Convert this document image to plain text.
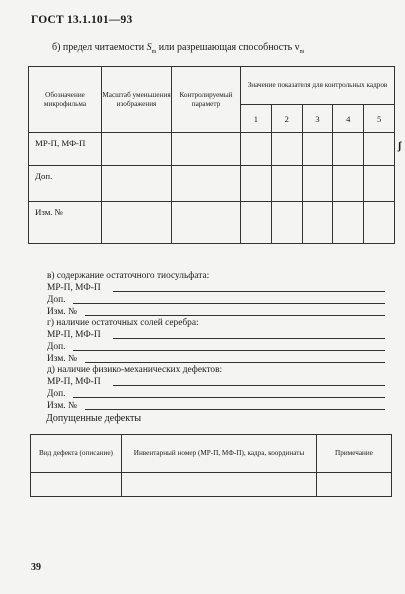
ГОСТ 13.1.101—93
б) предел читаемости $S_m$ или разрешающая способность $v_m$
Обозначение микрофильма	Масштаб уменьшения изображения	Контролируемый параметр	Значение показателя для контрольных кадров				
			1	2	3	4	5
МР-П, МФ-П							
Доп.							
Изм. №							
ʃ
в) содержание остаточного тиосульфата:
МР-П, МФ-П
Доп.
Изм. №
г) наличие остаточных солей серебра:
МР-П, МФ-П
Доп.
Изм. №
д) наличие физико-механических дефектов:
МР-П, МФ-П
Доп.
Изм. №
Допущенные дефекты
Вид дефекта (описание)	Инвентарный номер (МР-П, МФ-П), кадра, координаты	Примечание

39
